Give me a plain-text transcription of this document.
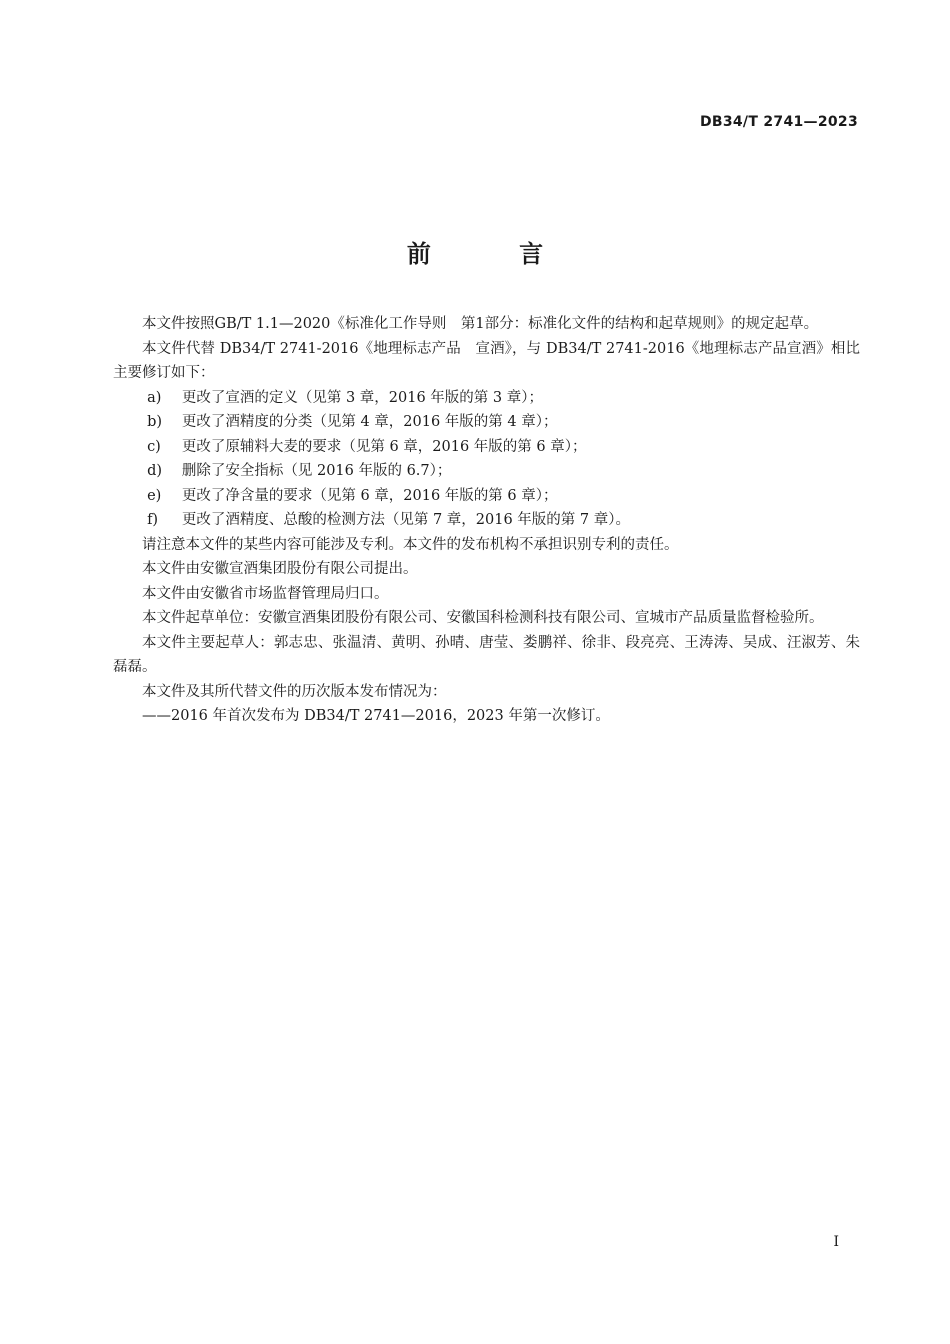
DB34/T 2741—2023
前 言

本文件按照GB/T 1.1—2020《标准化工作导则　第1部分：标准化文件的结构和起草规则》的规定起草。

本文件代替 DB34/T 2741-2016《地理标志产品　宣酒》，与 DB34/T 2741-2016《地理标志产品宣酒》相比主要修订如下：

a) 更改了宣酒的定义（见第 3 章，2016 年版的第 3 章）；

b) 更改了酒精度的分类（见第 4 章，2016 年版的第 4 章）；

c) 更改了原辅料大麦的要求（见第 6 章，2016 年版的第 6 章）；

d) 删除了安全指标（见 2016 年版的 6.7）；

e) 更改了净含量的要求（见第 6 章，2016 年版的第 6 章）；

f) 更改了酒精度、总酸的检测方法（见第 7 章，2016 年版的第 7 章）。

请注意本文件的某些内容可能涉及专利。本文件的发布机构不承担识别专利的责任。

本文件由安徽宣酒集团股份有限公司提出。

本文件由安徽省市场监督管理局归口。

本文件起草单位：安徽宣酒集团股份有限公司、安徽国科检测科技有限公司、宣城市产品质量监督检验所。

本文件主要起草人：郭志忠、张温清、黄明、孙晴、唐莹、娄鹏祥、徐非、段亮亮、王涛涛、吴成、汪淑芳、朱磊磊。

本文件及其所代替文件的历次版本发布情况为：

——2016 年首次发布为 DB34/T 2741—2016，2023 年第一次修订。

I
